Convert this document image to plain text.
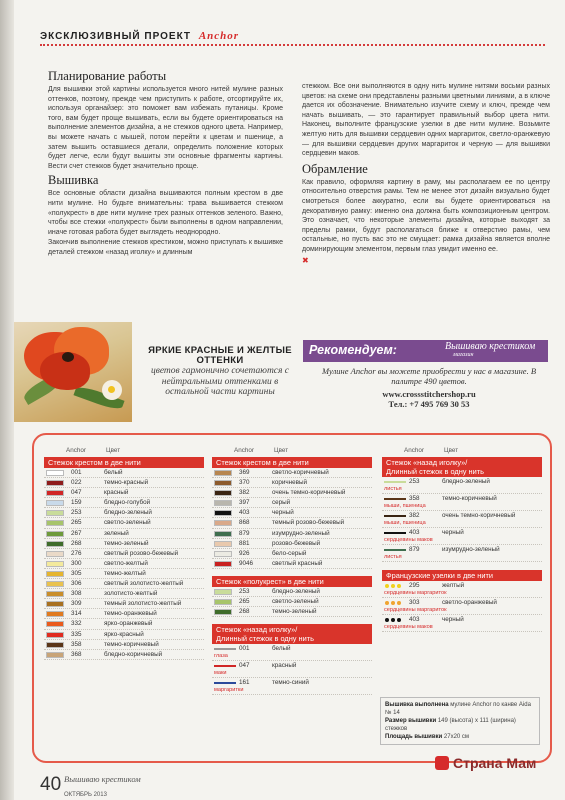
ЭКСКЛЮЗИВНЫЙ ПРОЕКТ Anchor
Планирование работы

Для вышивки этой картины используется много нитей мулине разных оттенков, поэтому, прежде чем приступить к работе, отсортируйте их, используя органайзер: это поможет вам избежать путаницы. Кроме того, вам будет проще вышивать, если вы будете ориентироваться на выполнение элементов дизайна, а не стежков одного цвета. Например, вы можете начать с мышей, потом перейти к цветам и пшенице, а затем вышить оставшиеся детали, определить положение которых будет легче, если будут вышиты эти основные фрагменты картины. Вести счет стежков будет значительно проще.

Вышивка

Все основные области дизайна вышиваются полным крестом в две нити мулине. Но будьте внимательны: трава вышивается стежком «полукрест» в две нити мулине трех разных оттенков зеленого. Важно, чтобы все стежки «полукрест» были выполнены в одном направлении, иначе готовая работа будет выглядеть неоднородно.

Закончив выполнение стежков крестиком, можно приступать к вышивке деталей стежком «назад иголку» и длинным

стежком. Все они выполняются в одну нить мулине нитями восьми разных цветов: на схеме они представлены разными цветными линиями, а в ключе дается их обозначение. Внимательно изучите схему и ключ, прежде чем начать вышивать, — это гарантирует правильный выбор цвета нити. Наконец, выполните французские узелки в две нити мулине. Возьмите желтую нить для вышивки сердцевин одних маргариток, светло-оранжевую — для вышивки сердцевин других маргариток и черную — для вышивки сердцевин маков.

Обрамление

Как правило, оформляя картину в раму, мы располагаем ее по центру относительно отверстия рамы. Тем не менее этот дизайн визуально будет смотреться более аккуратно, если вы будете ориентироваться на декоративную рамку: именно она должна быть композиционным центром. Это означает, что некоторые элементы дизайна, которые выходят за пределы рамки, будут располагаться ближе к отверстию рамы, чем остальные, но пусть вас это не смущает: рамка дизайна является вполне доминирующим элементом, первым глаз увидит именно ее.

✖
ЯРКИЕ КРАСНЫЕ И ЖЕЛТЫЕ ОТТЕНКИ
цветов гармонично сочетаются с нейтральными оттенками в остальной части картины
Рекомендуем:	Вышиваю крестиком
магазин
Мулине Anchor вы можете приобрести у нас в магазине. В палитре 490 цветов.
www.crossstitchershop.ru
Тел.: +7 495 769 30 53
Anchor	Цвет
Стежок крестом в две нити
001	белый
022	темно-красный
047	красный
159	бледно-голубой
253	бледно-зеленый
265	светло-зеленый
267	зеленый
268	темно-зеленый
276	светлый розово-бежевый
300	светло-желтый
305	темно-желтый
306	светлый золотисто-желтый
308	золотисто-желтый
309	темный золотисто-желтый
314	темно-оранжевый
332	ярко-оранжевый
335	ярко-красный
358	темно-коричневый
368	бледно-коричневый
Anchor	Цвет
Стежок крестом в две нити
369	светло-коричневый
370	коричневый
382	очень темно-коричневый
397	серый
403	черный
868	темный розово-бежевый
879	изумрудно-зеленый
881	розово-бежевый
926	бело-серый
9046	светлый красный
Стежок «полукрест» в две нити
253	бледно-зеленый
265	светло-зеленый
268	темно-зеленый
Стежок «назад иголку»/
Длинный стежок в одну нить
001	белый
глаза
047	красный
маки
161	темно-синий
маргаритки
Anchor	Цвет
Стежок «назад иголку»/
Длинный стежок в одну нить
253	бледно-зеленый
листья
358	темно-коричневый
мыши, пшеница
382	очень темно-коричневый
мыши, пшеница
403	черный
сердцевины маков
879	изумрудно-зеленый
листья
Французские узелки в две нити
295	желтый
сердцевины маргариток
303	светло-оранжевый
сердцевины маргариток
403	черный
сердцевины маков
Вышивка выполнена мулине Anchor по канве Aida № 14
Размер вышивки 149 (высота) х 111 (ширина) стежков
Площадь вышивки 27х20 см
40 Вышиваю крестиком
ОКТЯБРЬ 2013
Страна Мам
